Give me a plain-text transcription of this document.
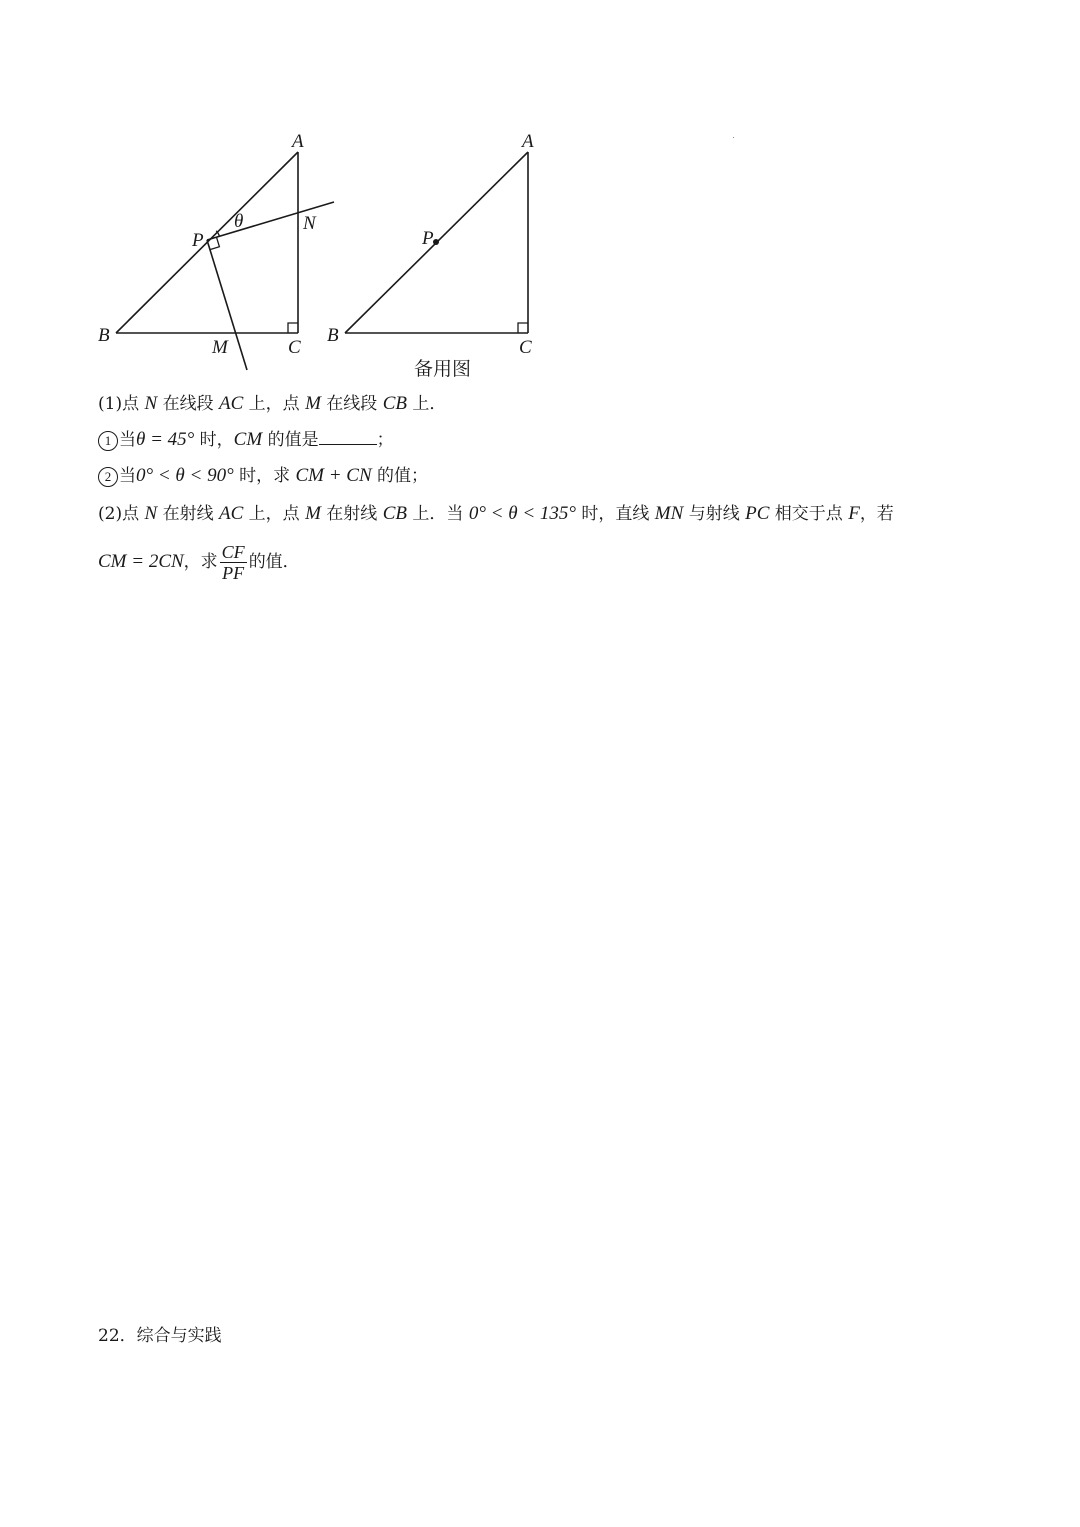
A
B
C
P
N
M
θ
A
B
C
P
备用图
(1)点 N 在线段 AC 上，点 M 在线段 CB 上．
1 当θ = 45° 时，CM 的值是	；
2 当0° < θ < 90° 时，求 CM + CN 的值；
(2)点 N 在射线 AC 上，点 M 在射线 CB 上．当 0° < θ < 135° 时，直线 MN 与射线 PC 相交于点 F，若
CM = 2CN，求 $\frac{CF}{PF}$ 的值．
22．综合与实践
